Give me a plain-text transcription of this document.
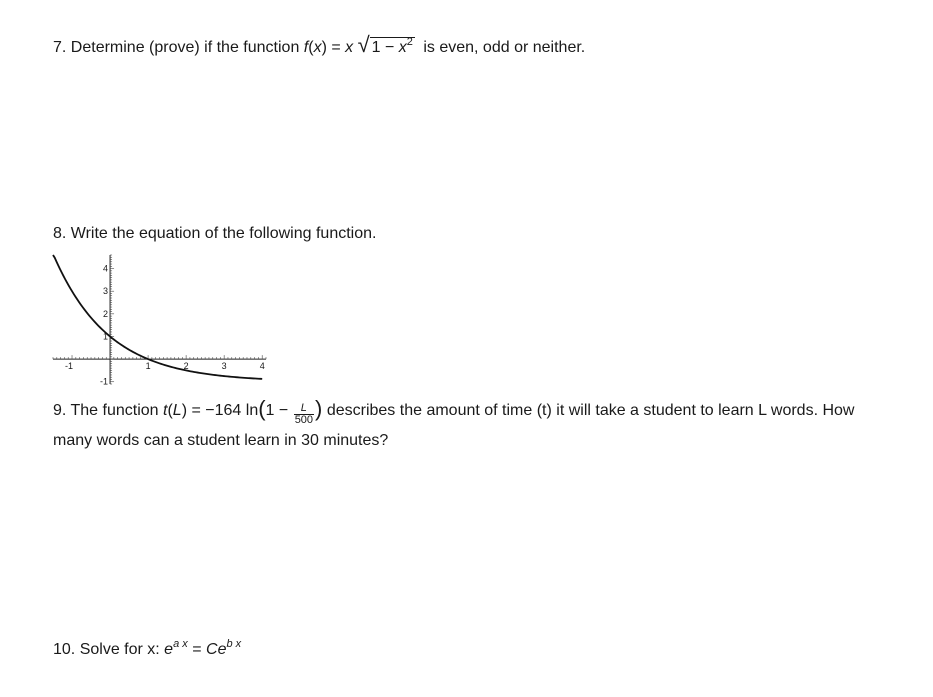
7. Determine (prove) if the function f(x) = x √ $1 - x^2$ is even, odd or neither.
8. Write the equation of the following function.
-1	1	2	3	4
4
3
2
1
-1
9. The function t(L) = −164 $\ln(1 - \frac{L}{500}$ ) describes the amount of time (t) it will take a student to learn L words. How
many words can a student learn in 30 minutes?
10. Solve for x: $e^{a x} = Ce^{b x}$
